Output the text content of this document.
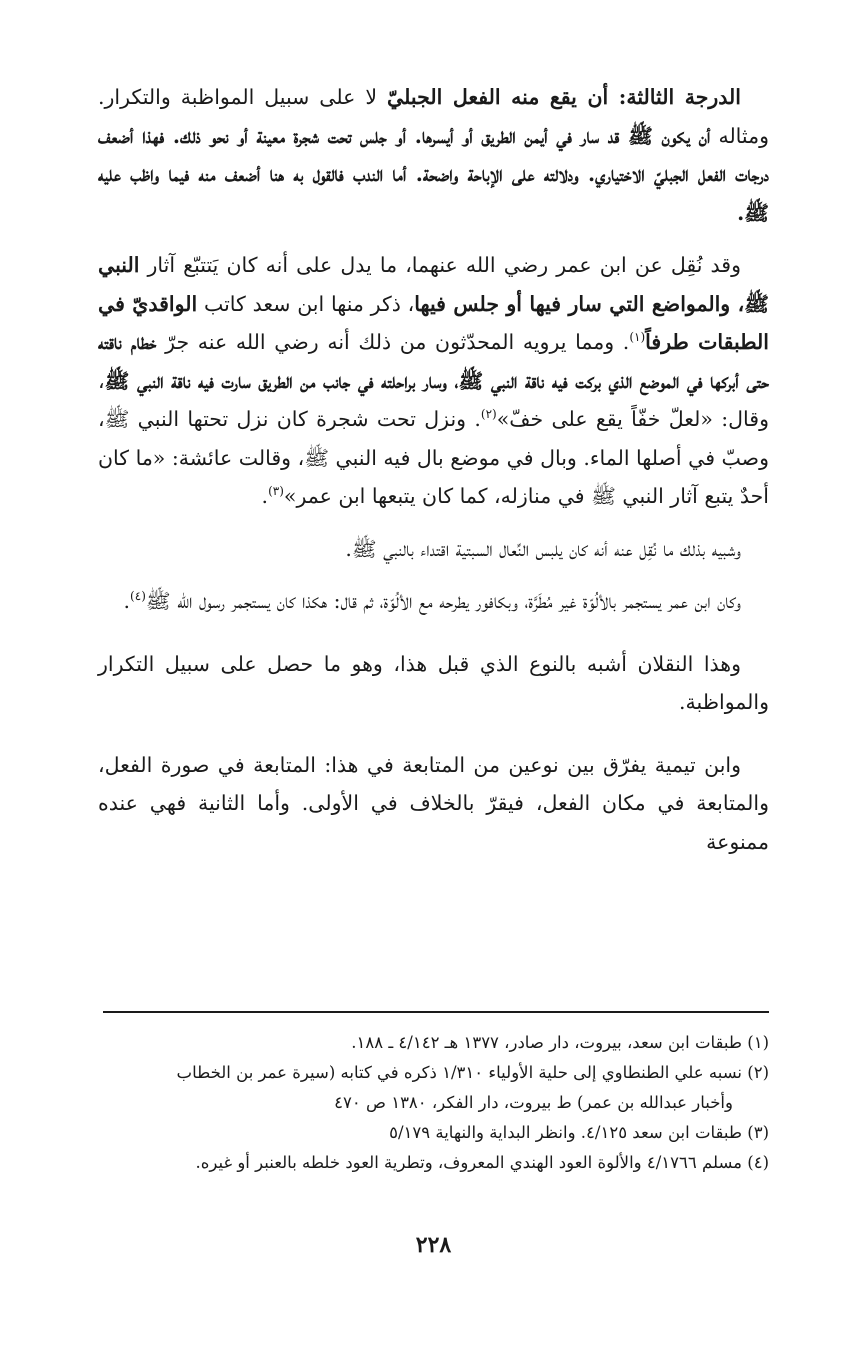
الدرجة الثالثة: أن يقع منه الفعل الجبليّ لا على سبيل المواظبة والتكرار. ومثاله أن يكون ﷺ قد سار في أيمن الطريق أو أيسرها. أو جلس تحت شجرة معينة أو نحو ذلك. فهذا أضعف درجات الفعل الجبليّ الاختياري. ودلالته على الإباحة واضحة. أما الندب فالقول به هنا أضعف منه فيما واظب عليه ﷺ.

وقد نُقِل عن ابن عمر رضي الله عنهما، ما يدل على أنه كان يَتتبّع آثار النبي ﷺ، والمواضع التي سار فيها أو جلس فيها، ذكر منها ابن سعد كاتب الواقديّ في الطبقات طرفاً$^{(١)}$. ومما يرويه المحدّثون من ذلك أنه رضي الله عنه جرّ خطام ناقته حتى أبركها في الموضع الذي بركت فيه ناقة النبي ﷺ، وسار براحلته في جانب من الطريق سارت فيه ناقة النبي ﷺ، وقال: «لعلّ خفّاً يقع على خفّ»$^{(٢)}$. ونزل تحت شجرة كان نزل تحتها النبي ﷺ، وصبّ في أصلها الماء. وبال في موضع بال فيه النبي ﷺ، وقالت عائشة: «ما كان أحدٌ يتبع آثار النبي ﷺ في منازله، كما كان يتبعها ابن عمر»$^{(٣)}$.

وشبيه بذلك ما نُقِل عنه أنه كان يلبس النِّعال السبتية اقتداء بالنبي ﷺ.

وكان ابن عمر يستجمر بالألُوّة غير مُطَرَّة، وبكافور يطرحه مع الألُوّة، ثم قال: هكذا كان يستجمر رسول الله ﷺ$^{(٤)}$.

وهذا النقلان أشبه بالنوع الذي قبل هذا، وهو ما حصل على سبيل التكرار والمواظبة.

وابن تيمية يفرّق بين نوعين من المتابعة في هذا: المتابعة في صورة الفعل، والمتابعة في مكان الفعل، فيقرّ بالخلاف في الأولى. وأما الثانية فهي عنده ممنوعة

(١) طبقات ابن سعد، بيروت، دار صادر، ١٣٧٧ هـ ٤/١٤٢ ـ ١٨٨.

(٢) نسبه علي الطنطاوي إلى حلية الأولياء ١/٣١٠ ذكره في كتابه (سيرة عمر بن الخطاب

وأخبار عبدالله بن عمر) ط بيروت، دار الفكر، ١٣٨٠ ص ٤٧٠

(٣) طبقات ابن سعد ٤/١٢٥. وانظر البداية والنهاية ٥/١٧٩

(٤) مسلم ٤/١٧٦٦ والألوة العود الهندي المعروف، وتطرية العود خلطه بالعنبر أو غيره.

٢٢٨
